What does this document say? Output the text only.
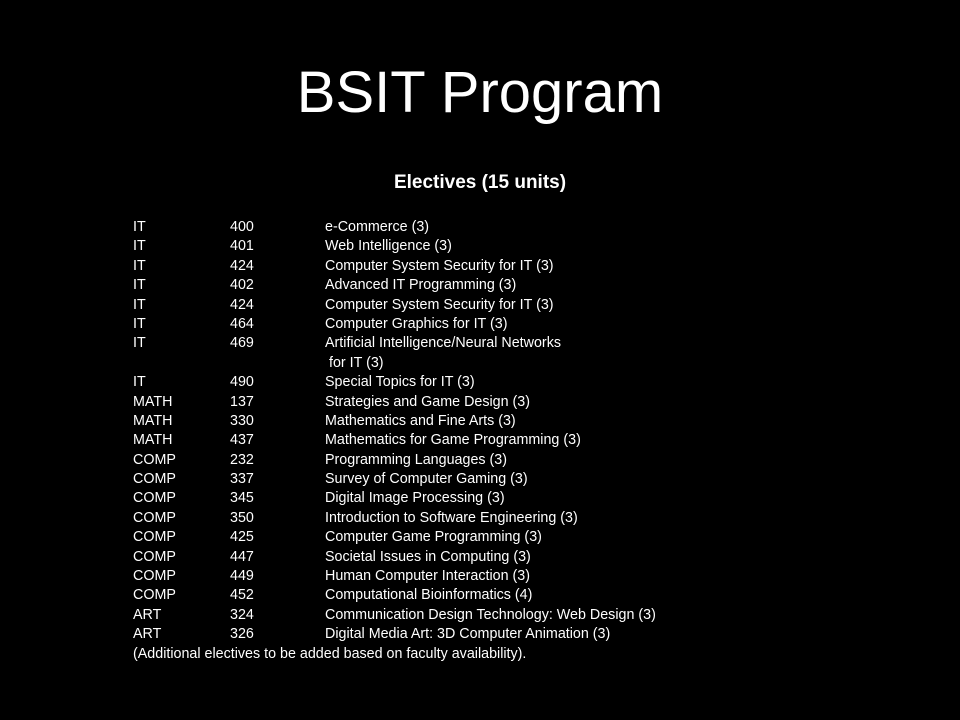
BSIT Program
Electives (15 units)
IT	400	e-Commerce (3)
IT	401	Web Intelligence (3)
IT	424	Computer System Security for IT (3)
IT	402	Advanced IT Programming (3)
IT	424	Computer System Security for IT (3)
IT	464	Computer Graphics for IT (3)
IT	469	Artificial Intelligence/Neural Networks
for IT (3)
IT	490	Special Topics for IT (3)
MATH	137	Strategies and Game Design (3)
MATH	330	Mathematics and Fine Arts (3)
MATH	437	Mathematics for Game Programming (3)
COMP	232	Programming Languages (3)
COMP	337	Survey of Computer Gaming (3)
COMP	345	Digital Image Processing (3)
COMP	350	Introduction to Software Engineering (3)
COMP	425	Computer Game Programming (3)
COMP	447	Societal Issues in Computing (3)
COMP	449	Human Computer Interaction (3)
COMP	452	Computational Bioinformatics (4)
ART	324	Communication Design Technology: Web Design (3)
ART	326	Digital Media Art: 3D Computer Animation (3)
(Additional electives to be added based on faculty availability).
